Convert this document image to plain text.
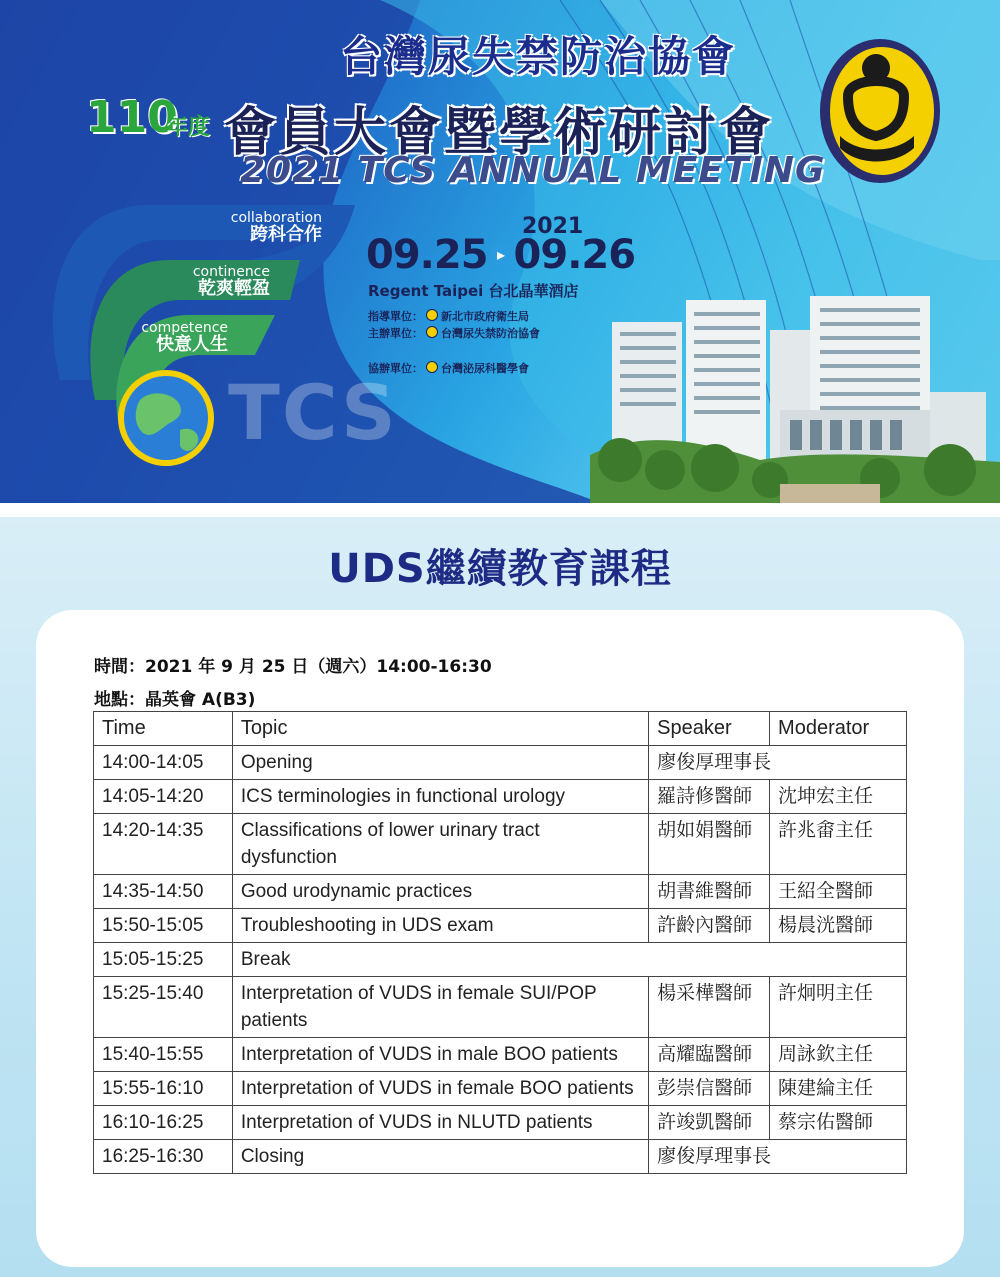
台灣尿失禁防治協會
110
年度 會員大會暨學術研討會
2021 TCS ANNUAL MEETING
collaboration
跨科合作
continence
乾爽輕盈
competence
快意人生
TCS
2021
09.25 ▸ 09.26
Regent Taipei 台北晶華酒店
指導單位： 新北市政府衛生局
主辦單位： 台灣尿失禁防治協會
協辦單位： 台灣泌尿科醫學會
UDS繼續教育課程
時間：2021 年 9 月 25 日（週六）14:00-16:30
地點：晶英會 A(B3)
Time	Topic	Speaker	Moderator
14:00-14:05	Opening	廖俊厚理事長	
14:05-14:20	ICS terminologies in functional urology	羅詩修醫師	沈坤宏主任
14:20-14:35	Classifications of lower urinary tract dysfunction	胡如娟醫師	許兆畬主任
14:35-14:50	Good urodynamic practices	胡書維醫師	王紹全醫師
15:50-15:05	Troubleshooting in UDS exam	許齡內醫師	楊晨洸醫師
15:05-15:25	Break		
15:25-15:40	Interpretation of VUDS in female SUI/POP patients	楊采樺醫師	許炯明主任
15:40-15:55	Interpretation of VUDS in male BOO patients	高耀臨醫師	周詠欽主任
15:55-16:10	Interpretation of VUDS in female BOO patients	彭崇信醫師	陳建綸主任
16:10-16:25	Interpretation of VUDS in NLUTD patients	許竣凱醫師	蔡宗佑醫師
16:25-16:30	Closing	廖俊厚理事長	
